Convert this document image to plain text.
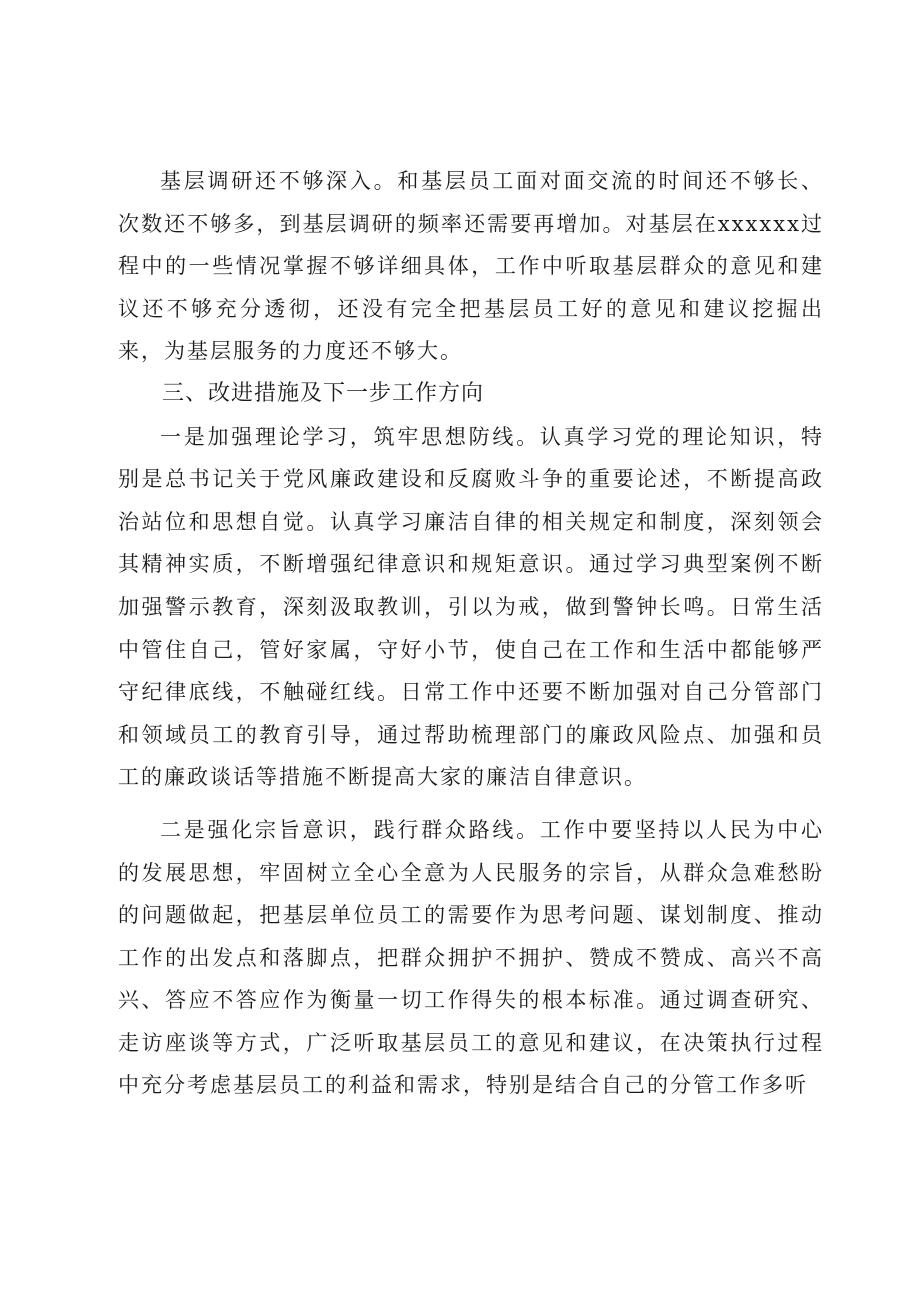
基层调研还不够深入。和基层员工面对面交流的时间还不够长、次数还不够多，到基层调研的频率还需要再增加。对基层在xxxxxx过程中的一些情况掌握不够详细具体，工作中听取基层群众的意见和建议还不够充分透彻，还没有完全把基层员工好的意见和建议挖掘出来，为基层服务的力度还不够大。

三、改进措施及下一步工作方向

一是加强理论学习，筑牢思想防线。认真学习党的理论知识，特别是总书记关于党风廉政建设和反腐败斗争的重要论述，不断提高政治站位和思想自觉。认真学习廉洁自律的相关规定和制度，深刻领会其精神实质，不断增强纪律意识和规矩意识。通过学习典型案例不断加强警示教育，深刻汲取教训，引以为戒，做到警钟长鸣。日常生活中管住自己，管好家属，守好小节，使自己在工作和生活中都能够严守纪律底线，不触碰红线。日常工作中还要不断加强对自己分管部门和领域员工的教育引导，通过帮助梳理部门的廉政风险点、加强和员工的廉政谈话等措施不断提高大家的廉洁自律意识。

二是强化宗旨意识，践行群众路线。工作中要坚持以人民为中心的发展思想，牢固树立全心全意为人民服务的宗旨，从群众急难愁盼的问题做起，把基层单位员工的需要作为思考问题、谋划制度、推动工作的出发点和落脚点，把群众拥护不拥护、赞成不赞成、高兴不高兴、答应不答应作为衡量一切工作得失的根本标准。通过调查研究、走访座谈等方式，广泛听取基层员工的意见和建议，在决策执行过程中充分考虑基层员工的利益和需求，特别是结合自己的分管工作多听
